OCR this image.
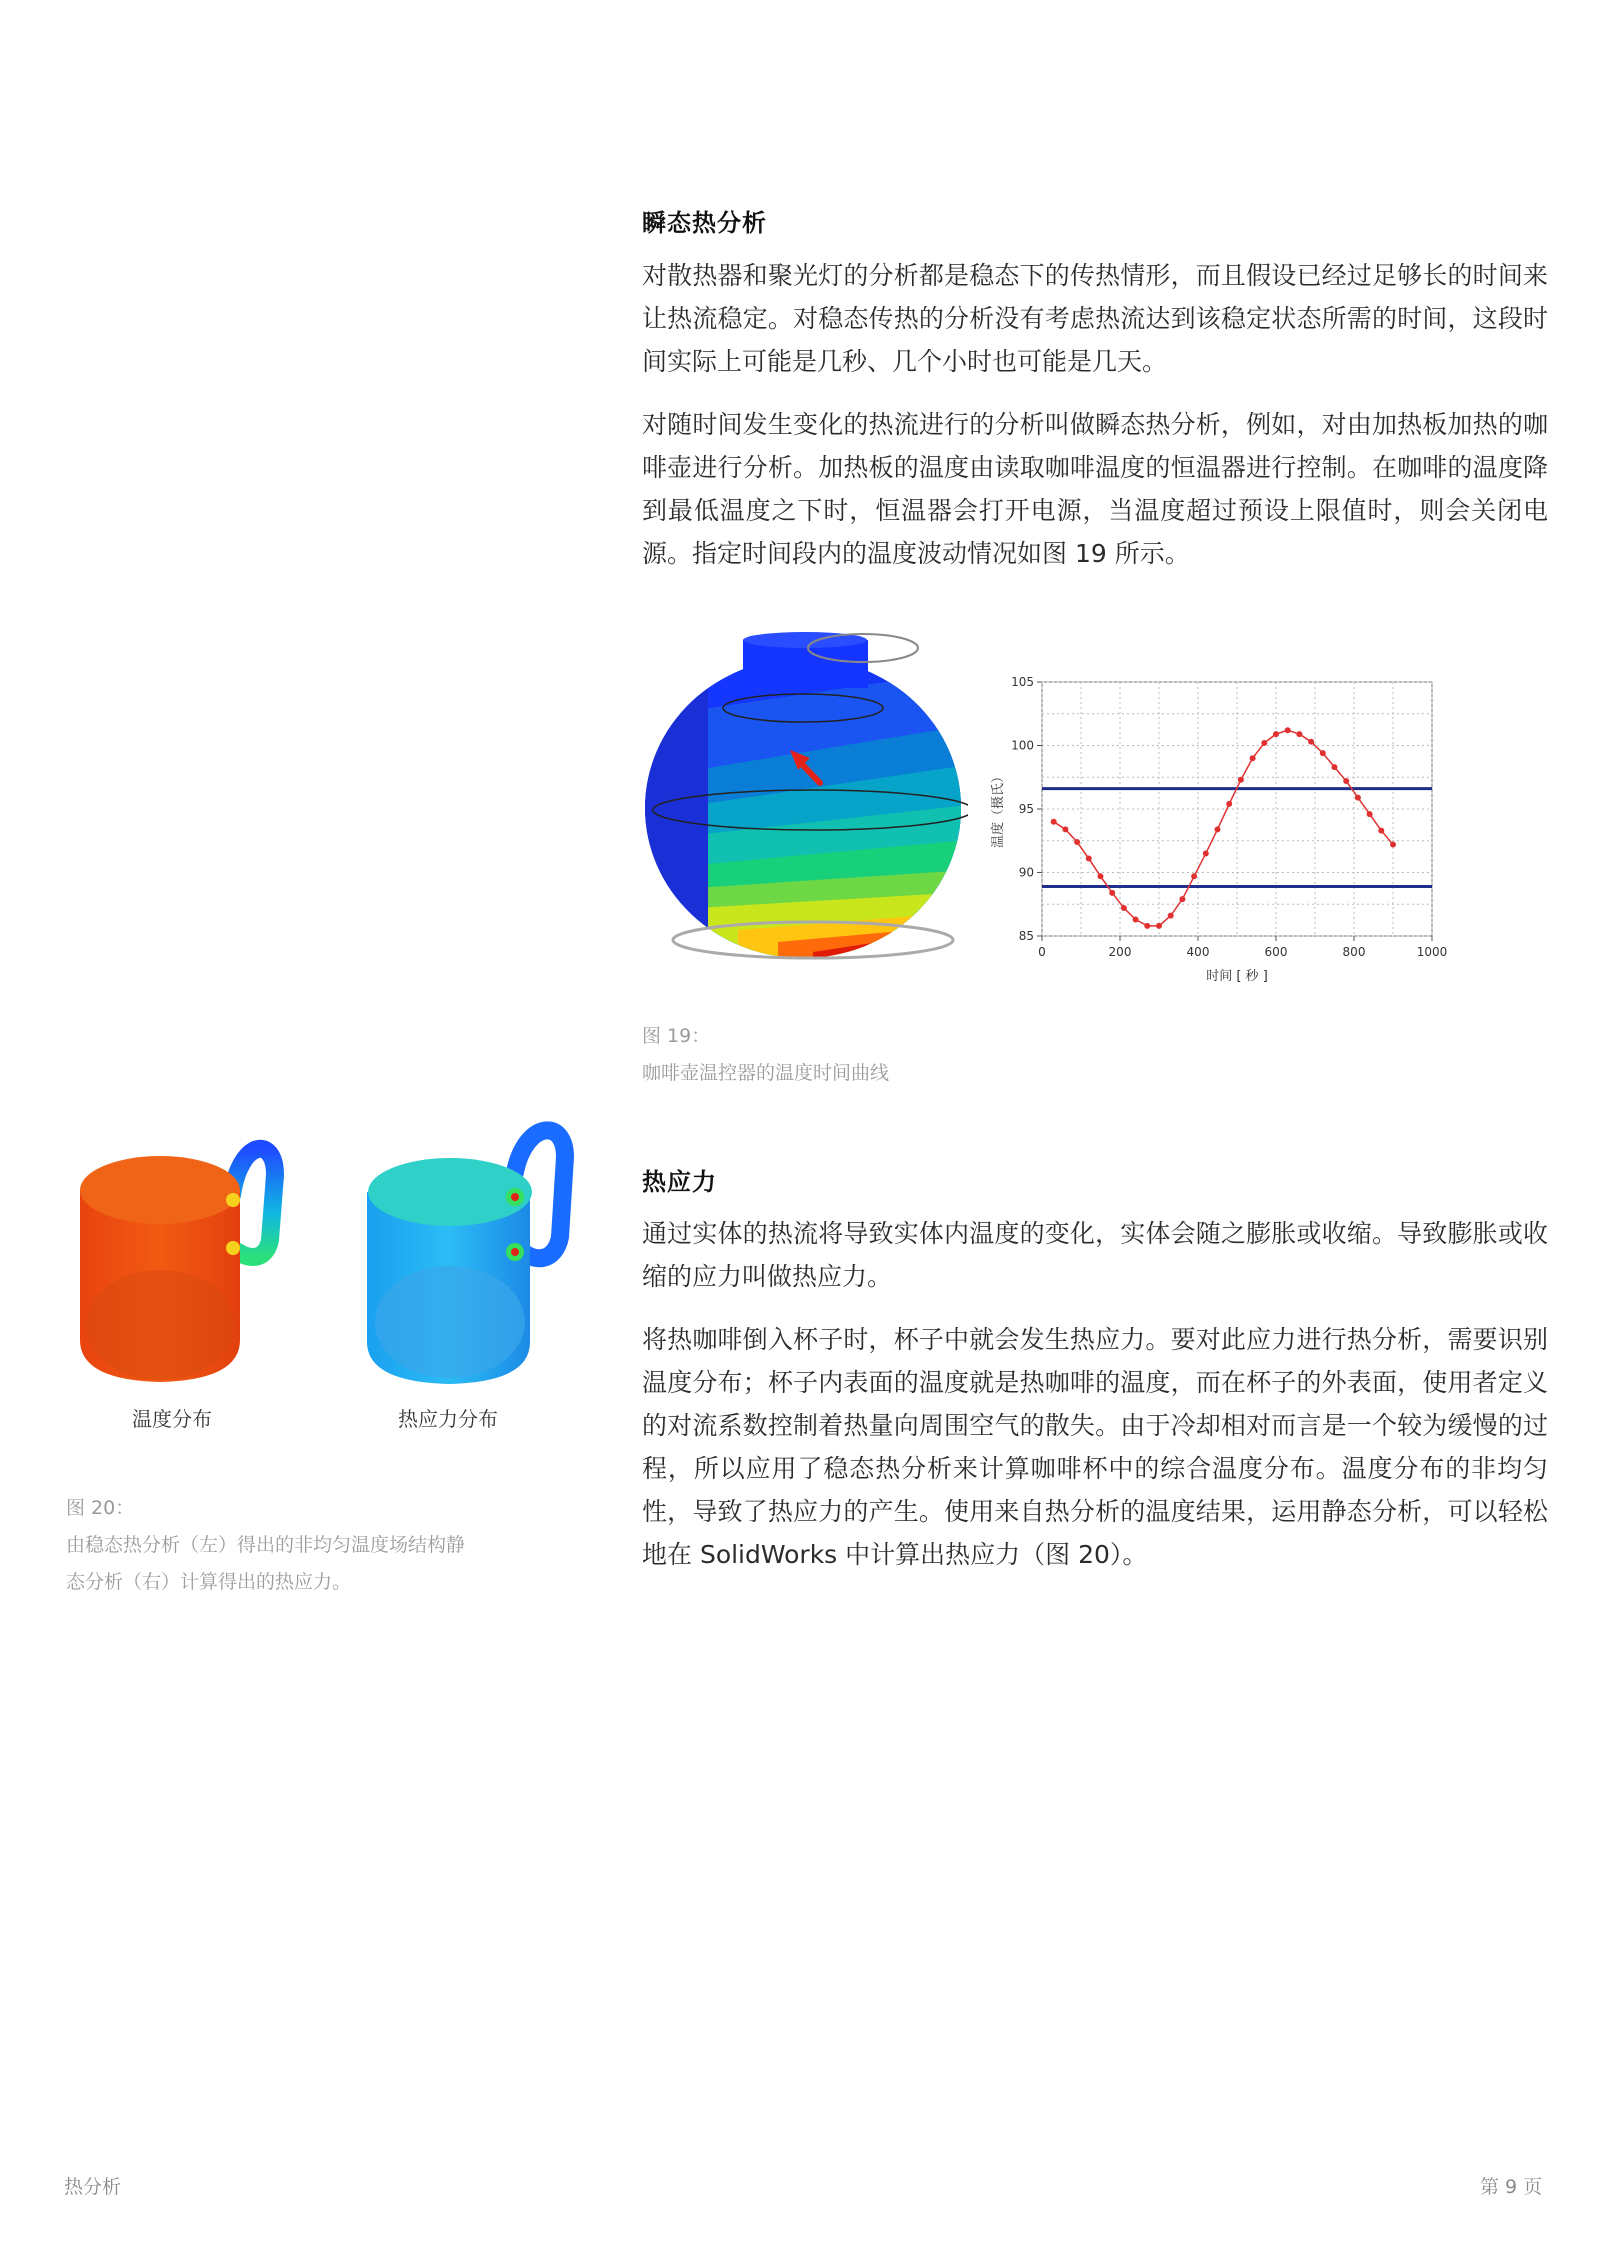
瞬态热分析
对散热器和聚光灯的分析都是稳态下的传热情形，而且假设已经过足够长的时间来让热流稳定。对稳态传热的分析没有考虑热流达到该稳定状态所需的时间，这段时间实际上可能是几秒、几个小时也可能是几天。
对随时间发生变化的热流进行的分析叫做瞬态热分析，例如，对由加热板加热的咖啡壶进行分析。加热板的温度由读取咖啡温度的恒温器进行控制。在咖啡的温度降到最低温度之下时，恒温器会打开电源，当温度超过预设上限值时，则会关闭电源。指定时间段内的温度波动情况如图 19 所示。
0	200	400	600	800	1000
85
90
95
100
105
时间 [ 秒 ]
温度（摄氏）
图 19：
咖啡壶温控器的温度时间曲线
热应力
通过实体的热流将导致实体内温度的变化，实体会随之膨胀或收缩。导致膨胀或收缩的应力叫做热应力。
将热咖啡倒入杯子时，杯子中就会发生热应力。要对此应力进行热分析，需要识别温度分布；杯子内表面的温度就是热咖啡的温度，而在杯子的外表面，使用者定义的对流系数控制着热量向周围空气的散失。由于冷却相对而言是一个较为缓慢的过程，所以应用了稳态热分析来计算咖啡杯中的综合温度分布。温度分布的非均匀性，导致了热应力的产生。使用来自热分析的温度结果，运用静态分析，可以轻松地在 SolidWorks 中计算出热应力（图 20）。
温度分布	热应力分布
图 20：
由稳态热分析（左）得出的非均匀温度场结构静
态分析（右）计算得出的热应力。
热分析	第 9 页
